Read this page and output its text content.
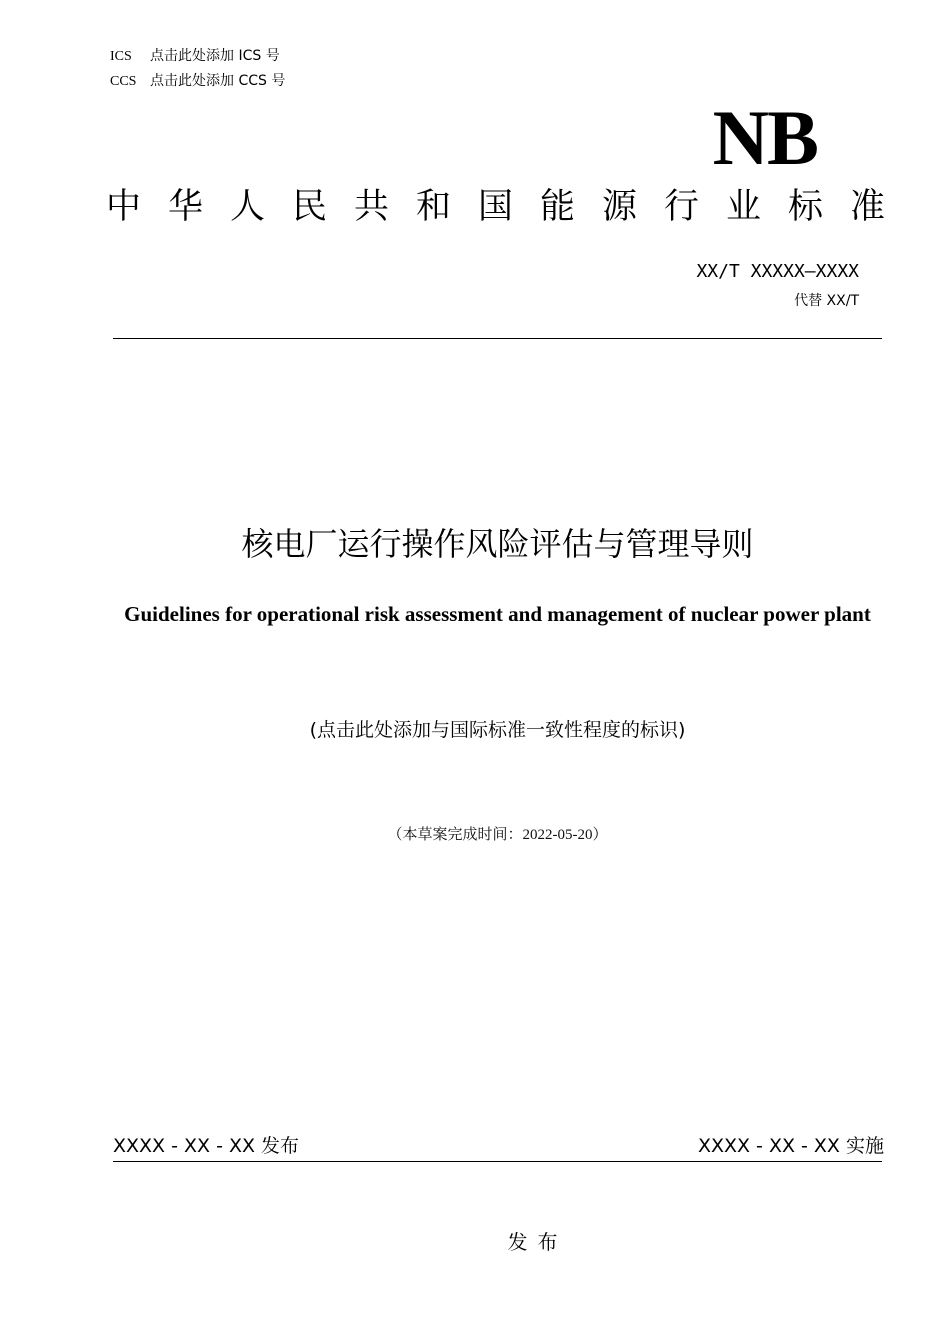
ICS 点击此处添加 ICS 号
CCS 点击此处添加 CCS 号
NB
中华人民共和国能源行业标准
XX/T XXXXX—XXXX
代替 XX/T
核电厂运行操作风险评估与管理导则
Guidelines for operational risk assessment and management of nuclear power plant
(点击此处添加与国际标准一致性程度的标识)
（本草案完成时间：2022-05-20）
XXXX - XX - XX 发布	XXXX - XX - XX 实施
发布
